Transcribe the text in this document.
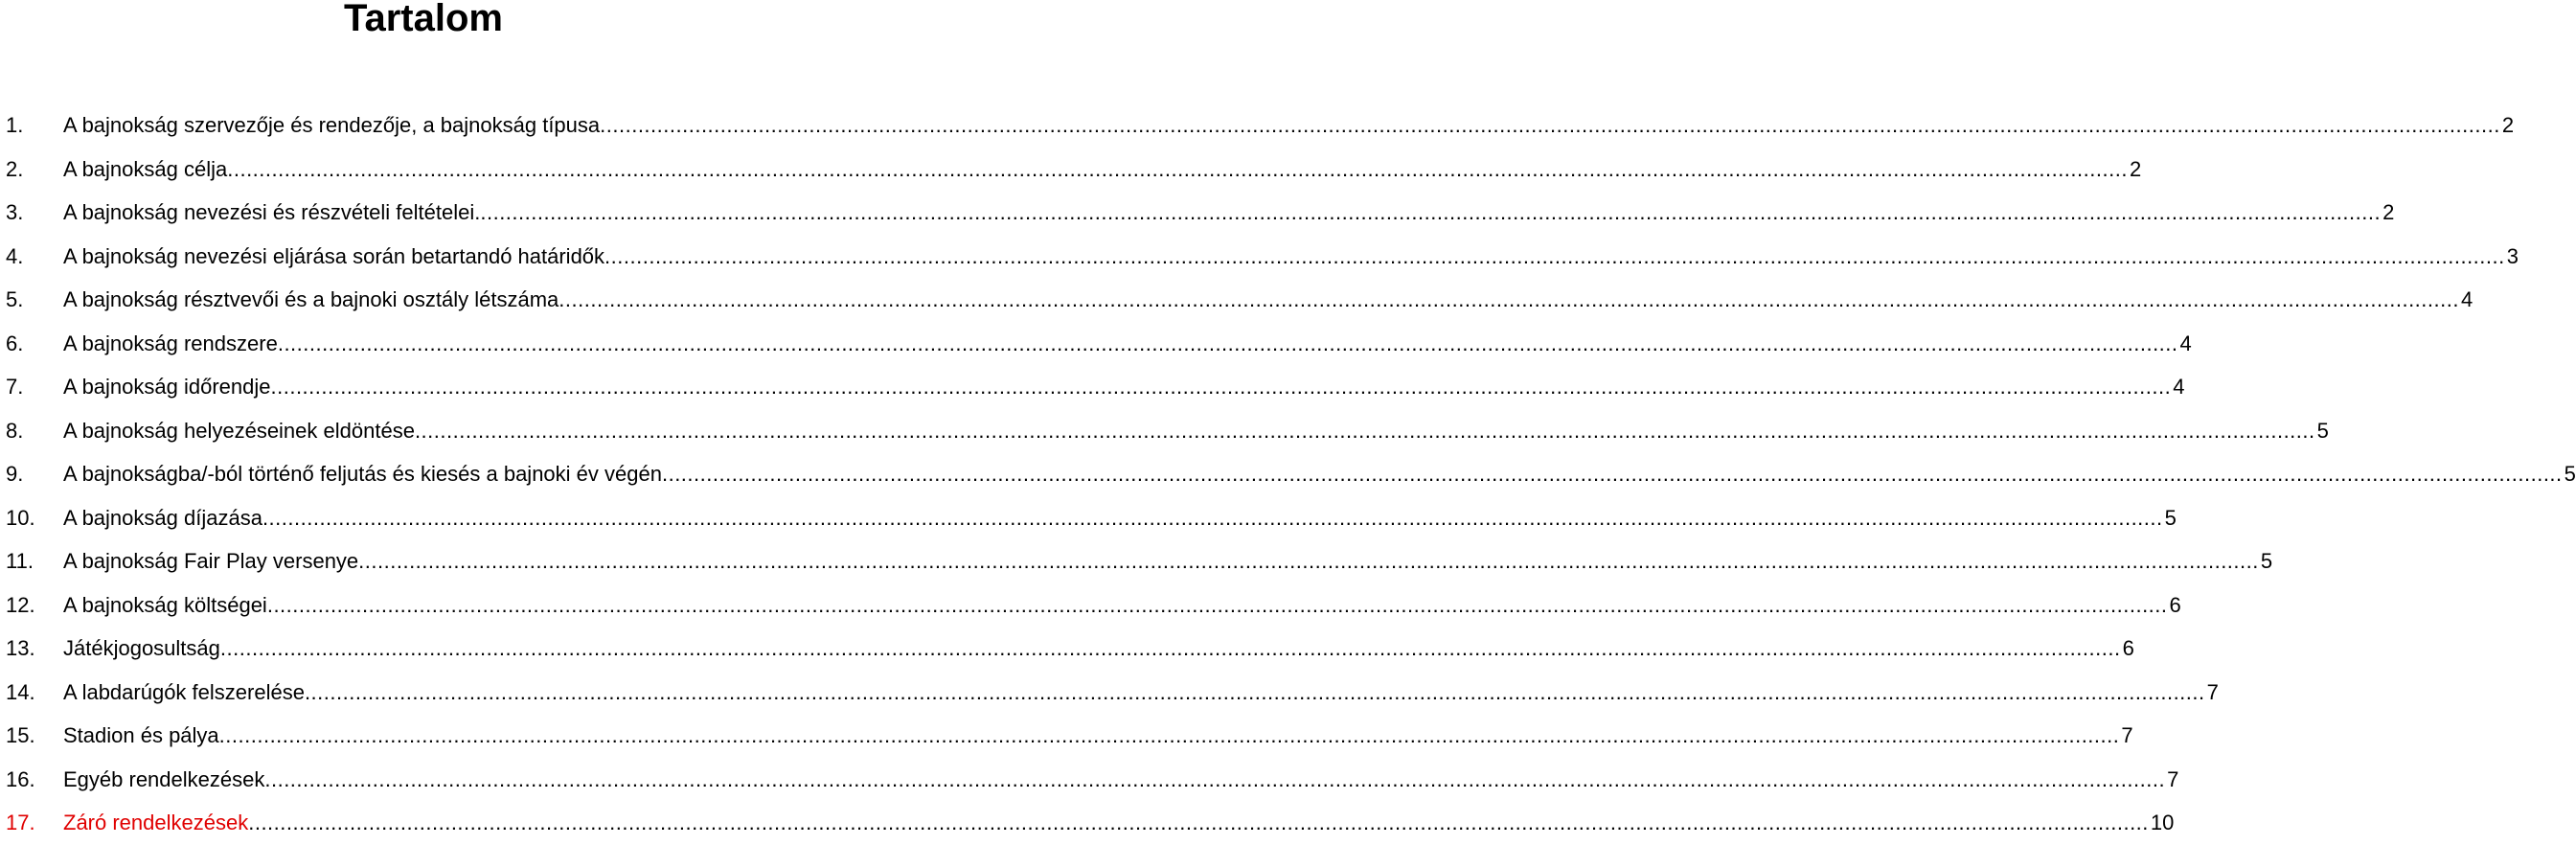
Tartalom
1. A bajnokság szervezője és rendezője, a bajnokság típusa ............................................................................................................................................................................................................................................................................................................ 2
2. A bajnokság célja ............................................................................................................................................................................................................................................................................................................ 2
3. A bajnokság nevezési és részvételi feltételei. ............................................................................................................................................................................................................................................................................................................ 2
4. A bajnokság nevezési eljárása során betartandó határidők ............................................................................................................................................................................................................................................................................................................ 3
5. A bajnokság résztvevői és a bajnoki osztály létszáma ............................................................................................................................................................................................................................................................................................................ 4
6. A bajnokság rendszere ............................................................................................................................................................................................................................................................................................................ 4
7. A bajnokság időrendje ............................................................................................................................................................................................................................................................................................................ 4
8. A bajnokság helyezéseinek eldöntése ............................................................................................................................................................................................................................................................................................................ 5
9. A bajnokságba/-ból történő feljutás és kiesés a bajnoki év végén ............................................................................................................................................................................................................................................................................................................ 5
10. A bajnokság díjazása ............................................................................................................................................................................................................................................................................................................ 5
11. A bajnokság Fair Play versenye ............................................................................................................................................................................................................................................................................................................ 5
12. A bajnokság költségei ............................................................................................................................................................................................................................................................................................................ 6
13. Játékjogosultság ............................................................................................................................................................................................................................................................................................................ 6
14. A labdarúgók felszerelése ............................................................................................................................................................................................................................................................................................................ 7
15. Stadion és pálya ............................................................................................................................................................................................................................................................................................................ 7
16. Egyéb rendelkezések ............................................................................................................................................................................................................................................................................................................ 7
17. Záró rendelkezések ............................................................................................................................................................................................................................................................................................................ 10
